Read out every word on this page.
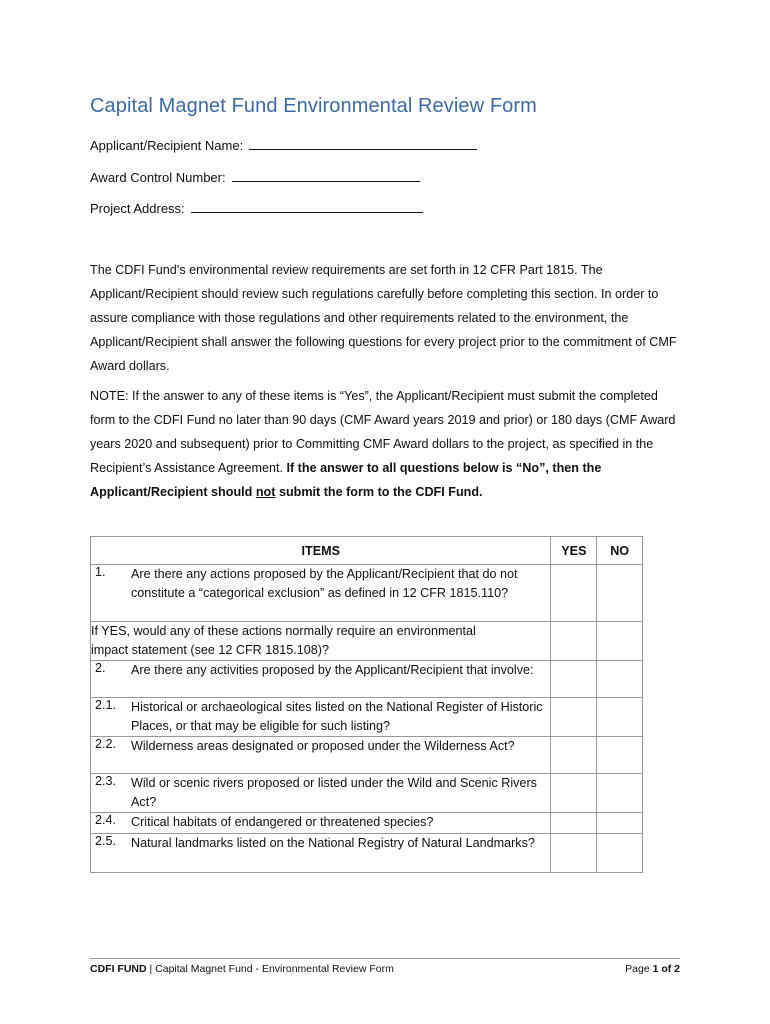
Capital Magnet Fund Environmental Review Form
Applicant/Recipient Name:
Award Control Number:
Project Address:
The CDFI Fund’s environmental review requirements are set forth in 12 CFR Part 1815. The Applicant/Recipient should review such regulations carefully before completing this section. In order to assure compliance with those regulations and other requirements related to the environment, the Applicant/Recipient shall answer the following questions for every project prior to the commitment of CMF Award dollars.
NOTE: If the answer to any of these items is “Yes”, the Applicant/Recipient must submit the completed form to the CDFI Fund no later than 90 days (CMF Award years 2019 and prior) or 180 days (CMF Award years 2020 and subsequent) prior to Committing CMF Award dollars to the project, as specified in the Recipient’s Assistance Agreement. If the answer to all questions below is “No”, then the Applicant/Recipient should not submit the form to the CDFI Fund.
ITEMS	YES	NO
1. Are there any actions proposed by the Applicant/Recipient that do not constitute a “categorical exclusion” as defined in 12 CFR 1815.110?		
If YES, would any of these actions normally require an environmental impact statement (see 12 CFR 1815.108)?		
2. Are there any activities proposed by the Applicant/Recipient that involve:		
2.1. Historical or archaeological sites listed on the National Register of Historic Places, or that may be eligible for such listing?		
2.2. Wilderness areas designated or proposed under the Wilderness Act?		
2.3. Wild or scenic rivers proposed or listed under the Wild and Scenic Rivers Act?		
2.4. Critical habitats of endangered or threatened species?		
2.5. Natural landmarks listed on the National Registry of Natural Landmarks?		
CDFI FUND | Capital Magnet Fund - Environmental Review Form	Page 1 of 2
